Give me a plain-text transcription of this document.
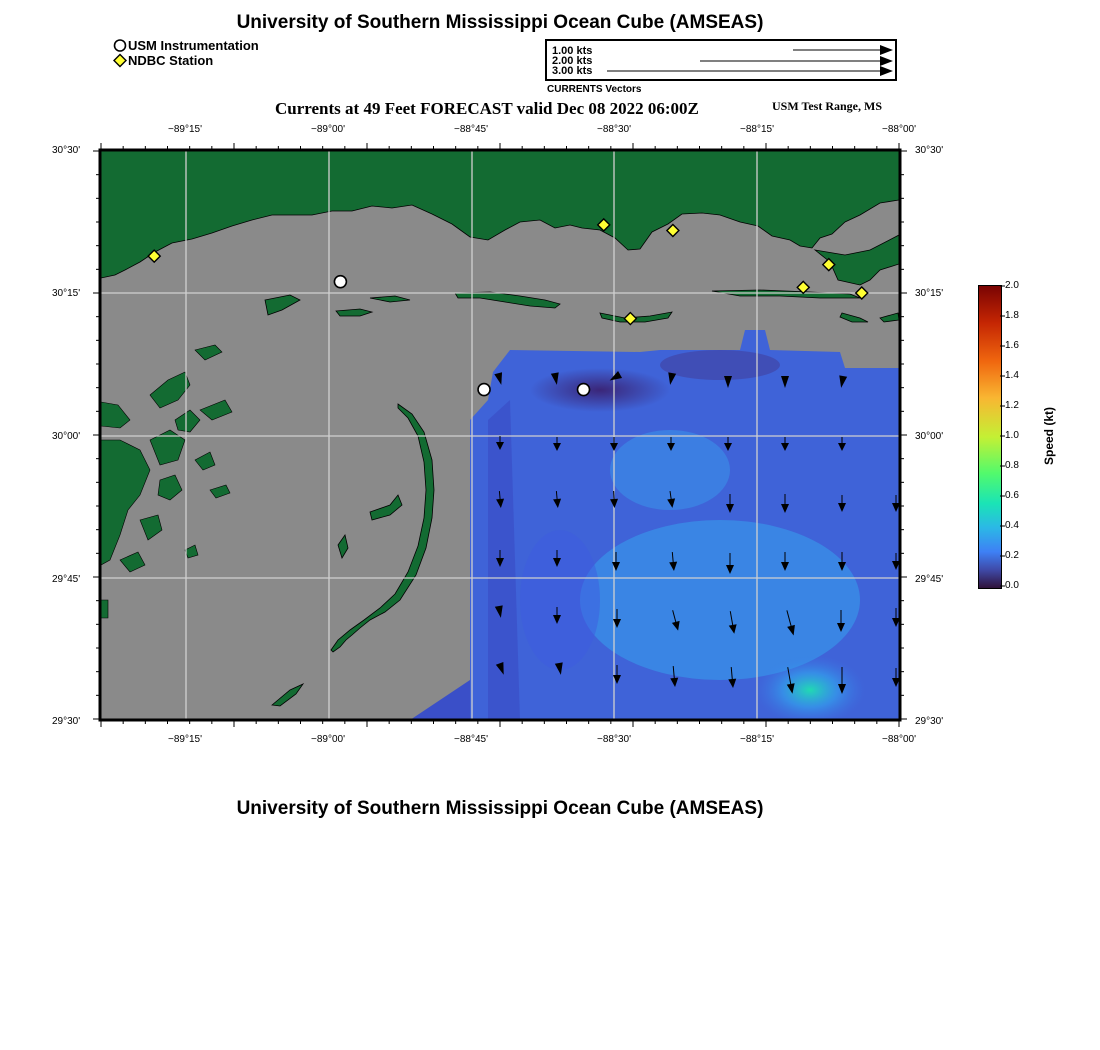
University of Southern Mississippi Ocean Cube (AMSEAS)
USM Instrumentation
NDBC Station
1.00 kts
2.00 kts
3.00 kts
CURRENTS Vectors
Currents at 49 Feet FORECAST valid Dec 08 2022 06:00Z	USM Test Range, MS
−89°15'	−89°00'	−88°45'	−88°30'	−88°15'	−88°00'
−89°15'	−89°00'	−88°45'	−88°30'	−88°15'	−88°00'
30°30'
30°15'
30°00'
29°45'
29°30'
30°30'
30°15'
30°00'
29°45'
29°30'
2.0
1.8
1.6
1.4
1.2
1.0
0.8
0.6
0.4
0.2
0.0
Speed (kt)
University of Southern Mississippi Ocean Cube (AMSEAS)
